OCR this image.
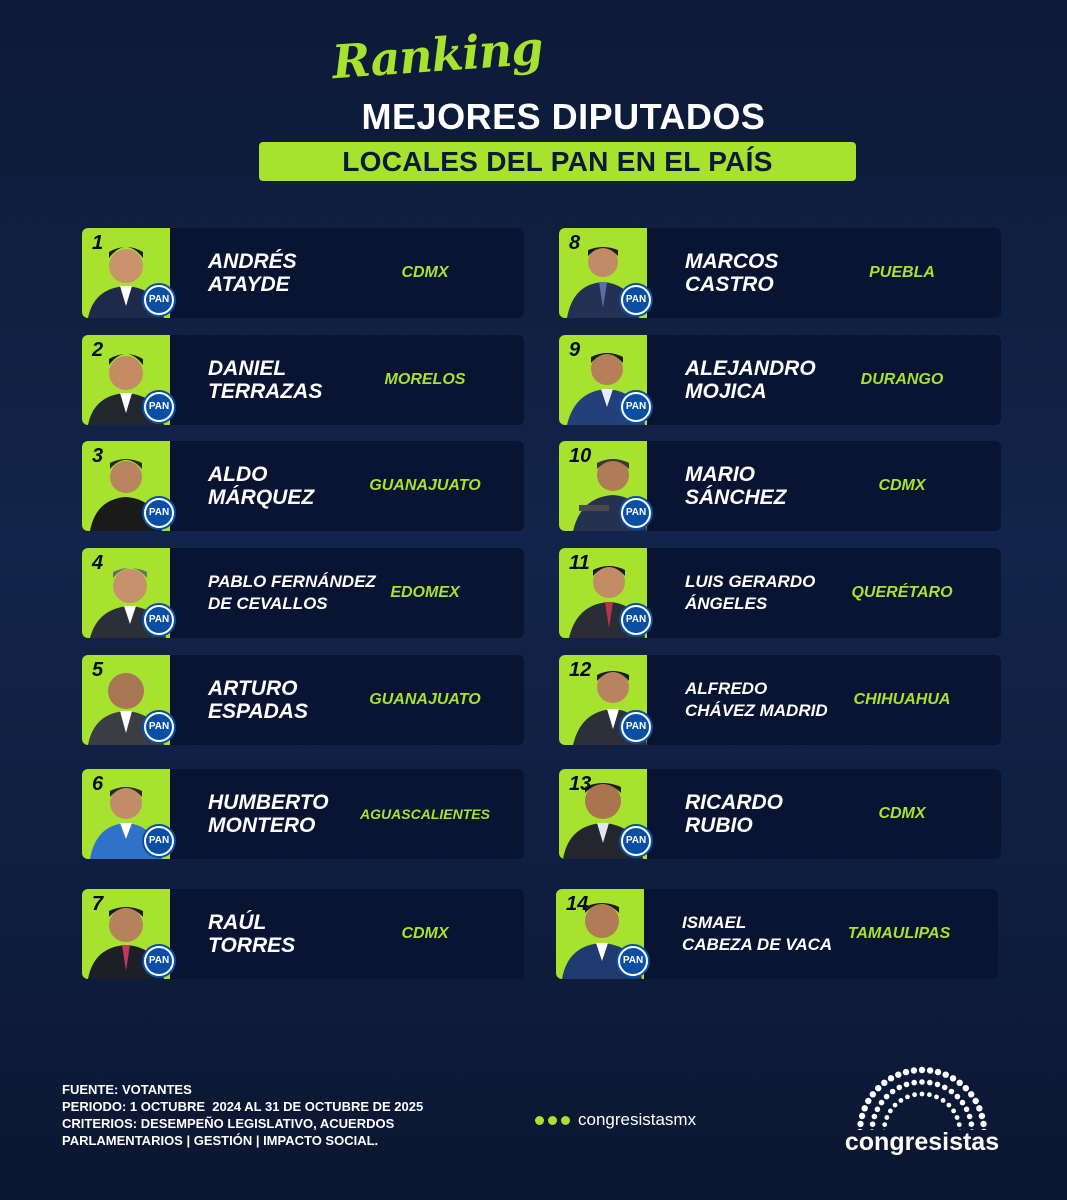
Ranking
MEJORES DIPUTADOS
LOCALES DEL PAN EN EL PAÍS
1
PAN
ANDRÉS
ATAYDE
CDMX
2
PAN
DANIEL
TERRAZAS
MORELOS
3
PAN
ALDO
MÁRQUEZ
GUANAJUATO
4
PAN
PABLO FERNÁNDEZ
DE CEVALLOS
EDOMEX
5
PAN
ARTURO
ESPADAS
GUANAJUATO
6
PAN
HUMBERTO
MONTERO	AGUASCALIENTES
7
PAN
RAÚL
TORRES
CDMX
8
PAN
MARCOS
CASTRO
PUEBLA
9
PAN
ALEJANDRO
MOJICA
DURANGO
10
PAN
MARIO
SÁNCHEZ
CDMX
11
PAN
LUIS GERARDO
ÁNGELES
QUERÉTARO
12
PAN
ALFREDO
CHÁVEZ MADRID
CHIHUAHUA
13
PAN
RICARDO
RUBIO
CDMX
14
PAN
ISMAEL
CABEZA DE VACA
TAMAULIPAS
FUENTE: VOTANTES
PERIODO: 1 OCTUBRE  2024 AL 31 DE OCTUBRE DE 2025
CRITERIOS: DESEMPEÑO LEGISLATIVO, ACUERDOS
PARLAMENTARIOS | GESTIÓN | IMPACTO SOCIAL.
congresistasmx
congresistas
